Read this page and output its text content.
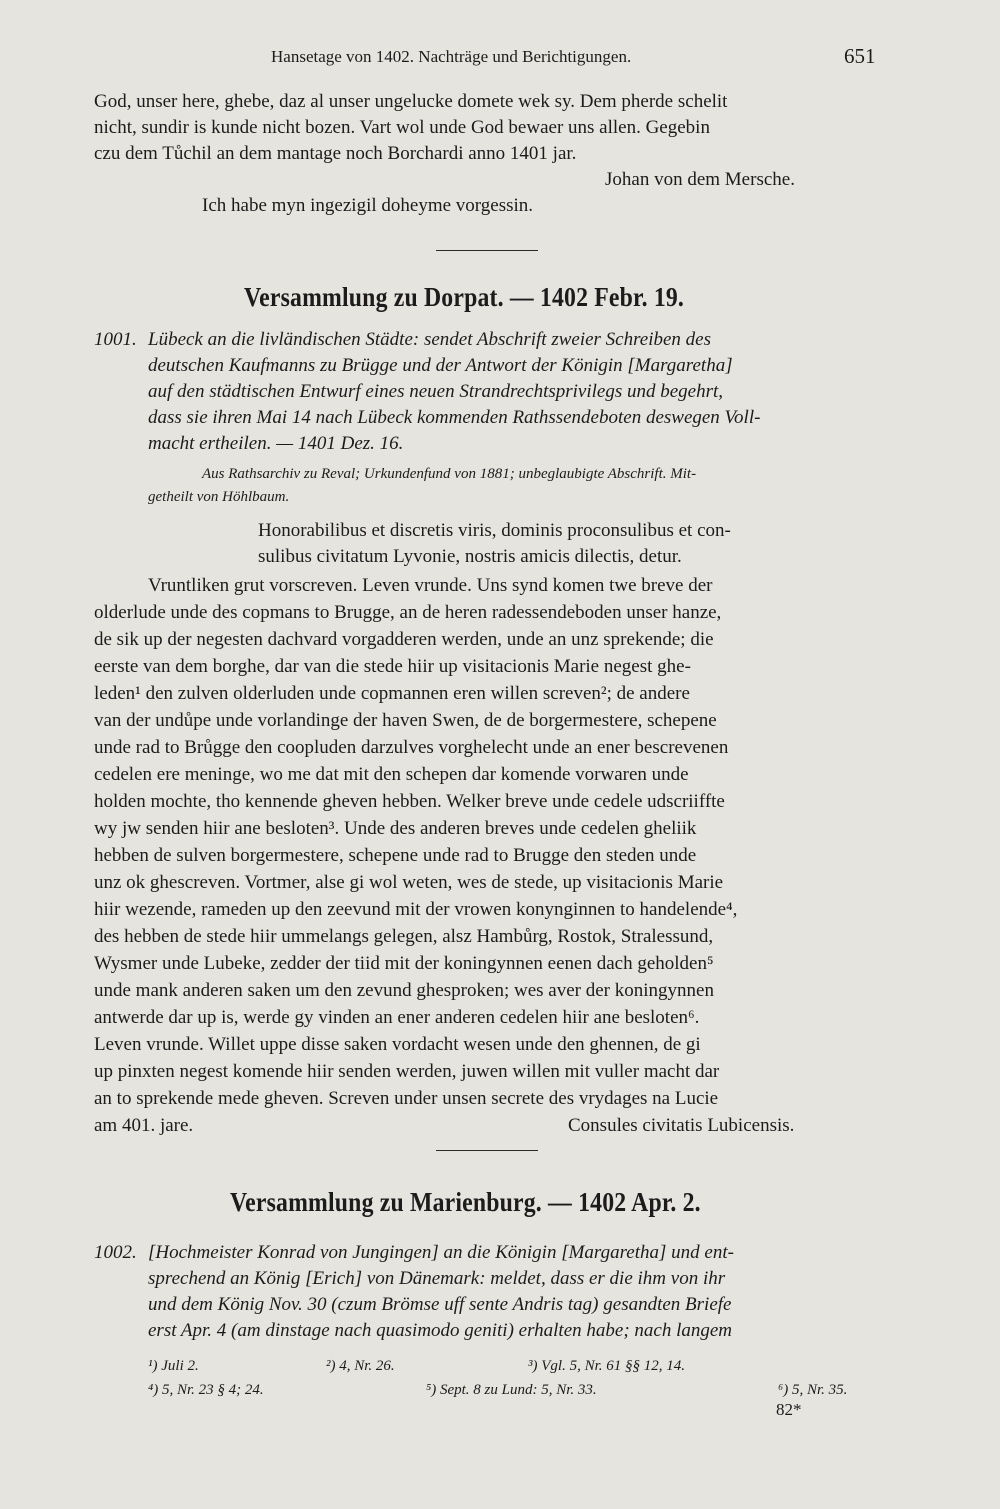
Hansetage von 1402. Nachträge und Berichtigungen.	651
God, unser here, ghebe, daz al unser ungelucke domete wek sy. Dem pherde schelit
nicht, sundir is kunde nicht bozen. Vart wol unde God bewaer uns allen. Gegebin
czu dem Tůchil an dem mantage noch Borchardi anno 1401 jar.
Johan von dem Mersche.
Ich habe myn ingezigil doheyme vorgessin.
Versammlung zu Dorpat. — 1402 Febr. 19.
1001. Lübeck an die livländischen Städte: sendet Abschrift zweier Schreiben des
deutschen Kaufmanns zu Brügge und der Antwort der Königin [Margaretha]
auf den städtischen Entwurf eines neuen Strandrechtsprivilegs und begehrt,
dass sie ihren Mai 14 nach Lübeck kommenden Rathssendeboten deswegen Voll-
macht ertheilen. — 1401 Dez. 16.
Aus Rathsarchiv zu Reval; Urkundenfund von 1881; unbeglaubigte Abschrift. Mit-
getheilt von Höhlbaum.
Honorabilibus et discretis viris, dominis proconsulibus et con-
sulibus civitatum Lyvonie, nostris amicis dilectis, detur.
Vruntliken grut vorscreven. Leven vrunde. Uns synd komen twe breve der
olderlude unde des copmans to Brugge, an de heren radessendeboden unser hanze,
de sik up der negesten dachvard vorgadderen werden, unde an unz sprekende; die
eerste van dem borghe, dar van die stede hiir up visitacionis Marie negest ghe-
leden¹ den zulven olderluden unde copmannen eren willen screven²; de andere
van der undůpe unde vorlandinge der haven Swen, de de borgermestere, schepene
unde rad to Brůgge den coopluden darzulves vorghelecht unde an ener bescrevenen
cedelen ere meninge, wo me dat mit den schepen dar komende vorwaren unde
holden mochte, tho kennende gheven hebben. Welker breve unde cedele udscriiffte
wy jw senden hiir ane besloten³. Unde des anderen breves unde cedelen gheliik
hebben de sulven borgermestere, schepene unde rad to Brugge den steden unde
unz ok ghescreven. Vortmer, alse gi wol weten, wes de stede, up visitacionis Marie
hiir wezende, rameden up den zeevund mit der vrowen konynginnen to handelende⁴,
des hebben de stede hiir ummelangs gelegen, alsz Hambůrg, Rostok, Stralessund,
Wysmer unde Lubeke, zedder der tiid mit der koningynnen eenen dach geholden⁵
unde mank anderen saken um den zevund ghesproken; wes aver der koningynnen
antwerde dar up is, werde gy vinden an ener anderen cedelen hiir ane besloten⁶.
Leven vrunde. Willet uppe disse saken vordacht wesen unde den ghennen, de gi
up pinxten negest komende hiir senden werden, juwen willen mit vuller macht dar
an to sprekende mede gheven. Screven under unsen secrete des vrydages na Lucie
am 401. jare.	Consules civitatis Lubicensis.
Versammlung zu Marienburg. — 1402 Apr. 2.
1002. [Hochmeister Konrad von Jungingen] an die Königin [Margaretha] und ent-
sprechend an König [Erich] von Dänemark: meldet, dass er die ihm von ihr
und dem König Nov. 30 (czum Brömse uff sente Andris tag) gesandten Briefe
erst Apr. 4 (am dinstage nach quasimodo geniti) erhalten habe; nach langem
¹) Juli 2.	²) 4, Nr. 26.	³) Vgl. 5, Nr. 61 §§ 12, 14.
⁴) 5, Nr. 23 § 4; 24.	⁵) Sept. 8 zu Lund: 5, Nr. 33.	⁶) 5, Nr. 35.
82*
